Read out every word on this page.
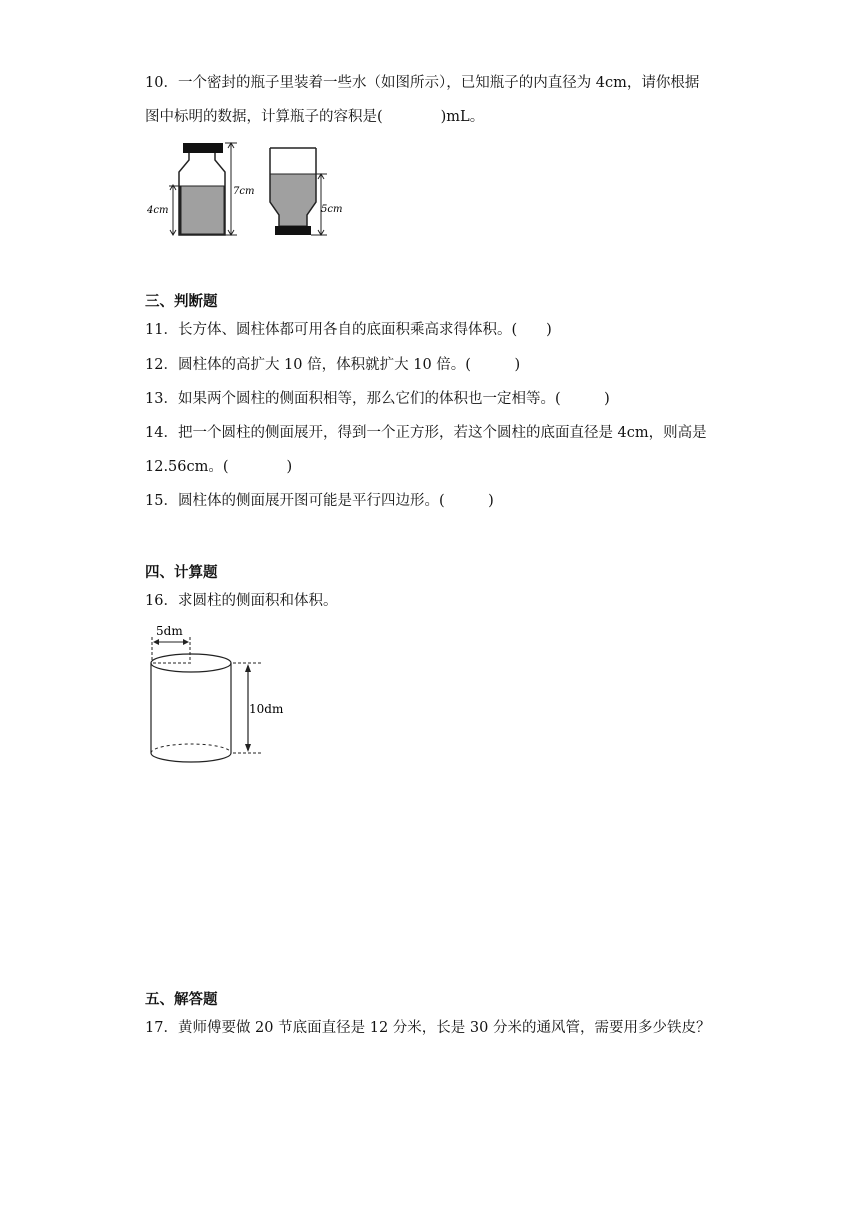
10．一个密封的瓶子里装着一些水（如图所示），已知瓶子的内直径为 4cm，请你根据
图中标明的数据，计算瓶子的容积是(　　　　)mL。
4cm
7cm
5cm
三、判断题
11．长方体、圆柱体都可用各自的底面积乘高求得体积。(　　)
12．圆柱体的高扩大 10 倍，体积就扩大 10 倍。(　　　)
13．如果两个圆柱的侧面积相等，那么它们的体积也一定相等。(　　　)
14．把一个圆柱的侧面展开，得到一个正方形，若这个圆柱的底面直径是 4cm，则高是
12.56cm。(　　　　)
15．圆柱体的侧面展开图可能是平行四边形。(　　　)
四、计算题
16．求圆柱的侧面积和体积。
5dm
10dm
五、解答题
17．黄师傅要做 20 节底面直径是 12 分米，长是 30 分米的通风管，需要用多少铁皮？
